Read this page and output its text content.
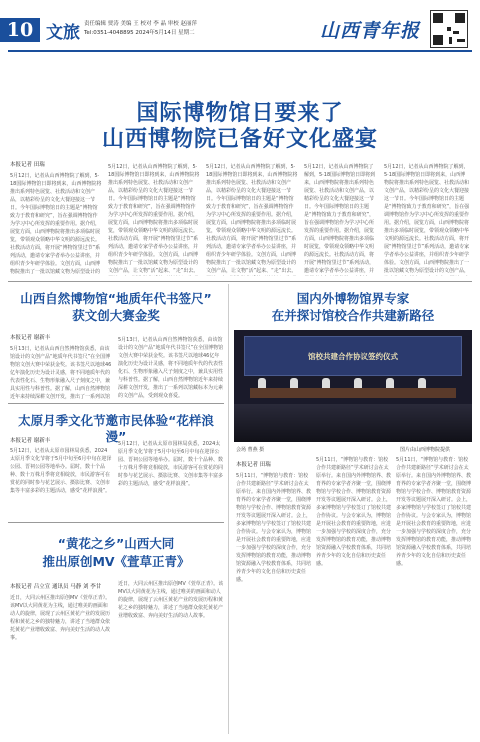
10 文旅 责任编辑 贾涛 美编 王 校对 李 晶 审校 赵丽萍
Tel:0351-4048895 2024年5月14日 星期二	山西青年报
国际博物馆日要来了
山西博物院已备好文化盛宴
本报记者 田瑞
5月12日，记者从山西博物院了解到，5·18国际博物馆日即将到来，山西博物院将推出系列特色展览、社教活动和文创产品，以精彩纷呈的文化大餐迎接这一节日。今年国际博物馆日的主题是“博物馆致力于教育和研究”，旨在强调博物馆作为学习中心所发挥的重要作用。据介绍，展览方面，山西博物院将推出多项临时展览，带领观众领略中华文明的源远流长。社教活动方面，将开展“博物馆里过节”系列活动，邀请专家学者举办公益讲座，并组织青少年研学体验。文创方面，山西博物院推出了一批以馆藏文物为原型设计的
5月12日，记者从山西博物院了解到，5·18国际博物馆日即将到来，山西博物院将推出系列特色展览、社教活动和文创产品，以精彩纷呈的文化大餐迎接这一节日。今年国际博物馆日的主题是“博物馆致力于教育和研究”，旨在强调博物馆作为学习中心所发挥的重要作用。据介绍，展览方面，山西博物院将推出多项临时展览，带领观众领略中华文明的源远流长。社教活动方面，将开展“博物馆里过节”系列活动，邀请专家学者举办公益讲座，并组织青少年研学体验。文创方面，山西博物院推出了一批以馆藏文物为原型设计的文创产品，让文物“活”起来、“走”出去。
5月12日，记者从山西博物院了解到，5·18国际博物馆日即将到来，山西博物院将推出系列特色展览、社教活动和文创产品，以精彩纷呈的文化大餐迎接这一节日。今年国际博物馆日的主题是“博物馆致力于教育和研究”，旨在强调博物馆作为学习中心所发挥的重要作用。据介绍，展览方面，山西博物院将推出多项临时展览，带领观众领略中华文明的源远流长。社教活动方面，将开展“博物馆里过节”系列活动，邀请专家学者举办公益讲座，并组织青少年研学体验。文创方面，山西博物院推出了一批以馆藏文物为原型设计的文创产品，让文物“活”起来、“走”出去。
5月12日，记者从山西博物院了解到，5·18国际博物馆日即将到来，山西博物院将推出系列特色展览、社教活动和文创产品，以精彩纷呈的文化大餐迎接这一节日。今年国际博物馆日的主题是“博物馆致力于教育和研究”，旨在强调博物馆作为学习中心所发挥的重要作用。据介绍，展览方面，山西博物院将推出多项临时展览，带领观众领略中华文明的源远流长。社教活动方面，将开展“博物馆里过节”系列活动，邀请专家学者举办公益讲座，并
5月12日，记者从山西博物院了解到，5·18国际博物馆日即将到来，山西博物院将推出系列特色展览、社教活动和文创产品，以精彩纷呈的文化大餐迎接这一节日。今年国际博物馆日的主题是“博物馆致力于教育和研究”，旨在强调博物馆作为学习中心所发挥的重要作用。据介绍，展览方面，山西博物院将推出多项临时展览，带领观众领略中华文明的源远流长。社教活动方面，将开展“博物馆里过节”系列活动，邀请专家学者举办公益讲座，并组织青少年研学体验。文创方面，山西博物院推出了一批以馆藏文物为原型设计的文创产品，
山西自然博物馆“地质年代书签尺”
获文创大赛金奖
本报记者 谢新丰
5月13日，记者从山西自然博物馆获悉，由该馆设计的文创产品“地质年代书签尺”在全国博物馆文创大赛中荣获金奖。该书签尺以地球46亿年演化历史为设计灵感，将不同地质年代的代表性化石、生物形象融入尺子刻度之中，兼具实用性与科普性。据了解，山西自然博物馆近年来持续深耕文创开发，推出了一系列以馆
5月13日，记者从山西自然博物馆获悉，由该馆设计的文创产品“地质年代书签尺”在全国博物馆文创大赛中荣获金奖。该书签尺以地球46亿年演化历史为设计灵感，将不同地质年代的代表性化石、生物形象融入尺子刻度之中，兼具实用性与科普性。据了解，山西自然博物馆近年来持续深耕文创开发，推出了一系列以馆藏标本为元素的文创产品，受到观众喜爱。
太原月季文化节邀市民体验“花样浪漫”
本报记者 谢新丰
5月12日，记者从太原市园林局获悉，2024太原月季文化节将于5月中旬至6月中旬在迎泽公园、晋祠公园等地举办。届时，数十个品种、数十万株月季将竞相绽放，市民游客可在赏花的同时参与花艺展示、摄影比赛、文创市集等丰富多彩的主题活动，感受“花样浪漫”。
5月12日，记者从太原市园林局获悉，2024太原月季文化节将于5月中旬至6月中旬在迎泽公园、晋祠公园等地举办。届时，数十个品种、数十万株月季将竞相绽放，市民游客可在赏花的同时参与花艺展示、摄影比赛、文创市集等丰富多彩的主题活动，感受“花样浪漫”。
“黄花之乡”山西大同
推出原创MV《萱草正青》
本报记者 吕立宣 通讯员 马静 刘 李甘
近日，大同云州区推出原创MV《萱草正青》。该MV以大同黄花为主线，通过唯美的画面和动人的旋律，展现了云州区黄花产业的发展历程和黄花之乡的独特魅力，讲述了当地群众依托黄花产业增收致富、奔向美好生活的动人故事。
近日，大同云州区推出原创MV《萱草正青》。该MV以大同黄花为主线，通过唯美的画面和动人的旋律，展现了云州区黄花产业的发展历程和黄花之乡的独特魅力，讲述了当地群众依托黄花产业增收致富、奔向美好生活的动人故事。
国内外博物馆界专家
在并探讨馆校合作共建新路径
馆校共建合作协议签约仪式
会场 曹燕 摄	图片由山西博物院提供
本报记者 田瑞
5月11日，“博物馆与教育：馆校合作共建新路径”学术研讨会在太原举行。来自国内外博物馆界、教育界的专家学者齐聚一堂，围绕博物馆与学校合作、博物馆教育资源开发等议题展开深入研讨。会上，多家博物馆与学校签订了馆校共建合作协议。与会专家认为，博物馆是开展社会教育的重要阵地，应进一步加强与学校的深度合作，充分发挥博物馆的教育功能，推动博物馆资源融入学校教育体系，共同培养青少年的文化自信和历史责任感。
5月11日，“博物馆与教育：馆校合作共建新路径”学术研讨会在太原举行。来自国内外博物馆界、教育界的专家学者齐聚一堂，围绕博物馆与学校合作、博物馆教育资源开发等议题展开深入研讨。会上，多家博物馆与学校签订了馆校共建合作协议。与会专家认为，博物馆是开展社会教育的重要阵地，应进一步加强与学校的深度合作，充分发挥博物馆的教育功能，推动博物馆资源融入学校教育体系，共同培养青少年的文化自信和历史责任感。
5月11日，“博物馆与教育：馆校合作共建新路径”学术研讨会在太原举行。来自国内外博物馆界、教育界的专家学者齐聚一堂，围绕博物馆与学校合作、博物馆教育资源开发等议题展开深入研讨。会上，多家博物馆与学校签订了馆校共建合作协议。与会专家认为，博物馆是开展社会教育的重要阵地，应进一步加强与学校的深度合作，充分发挥博物馆的教育功能，推动博物馆资源融入学校教育体系，共同培养青少年的文化自信和历史责任感。
